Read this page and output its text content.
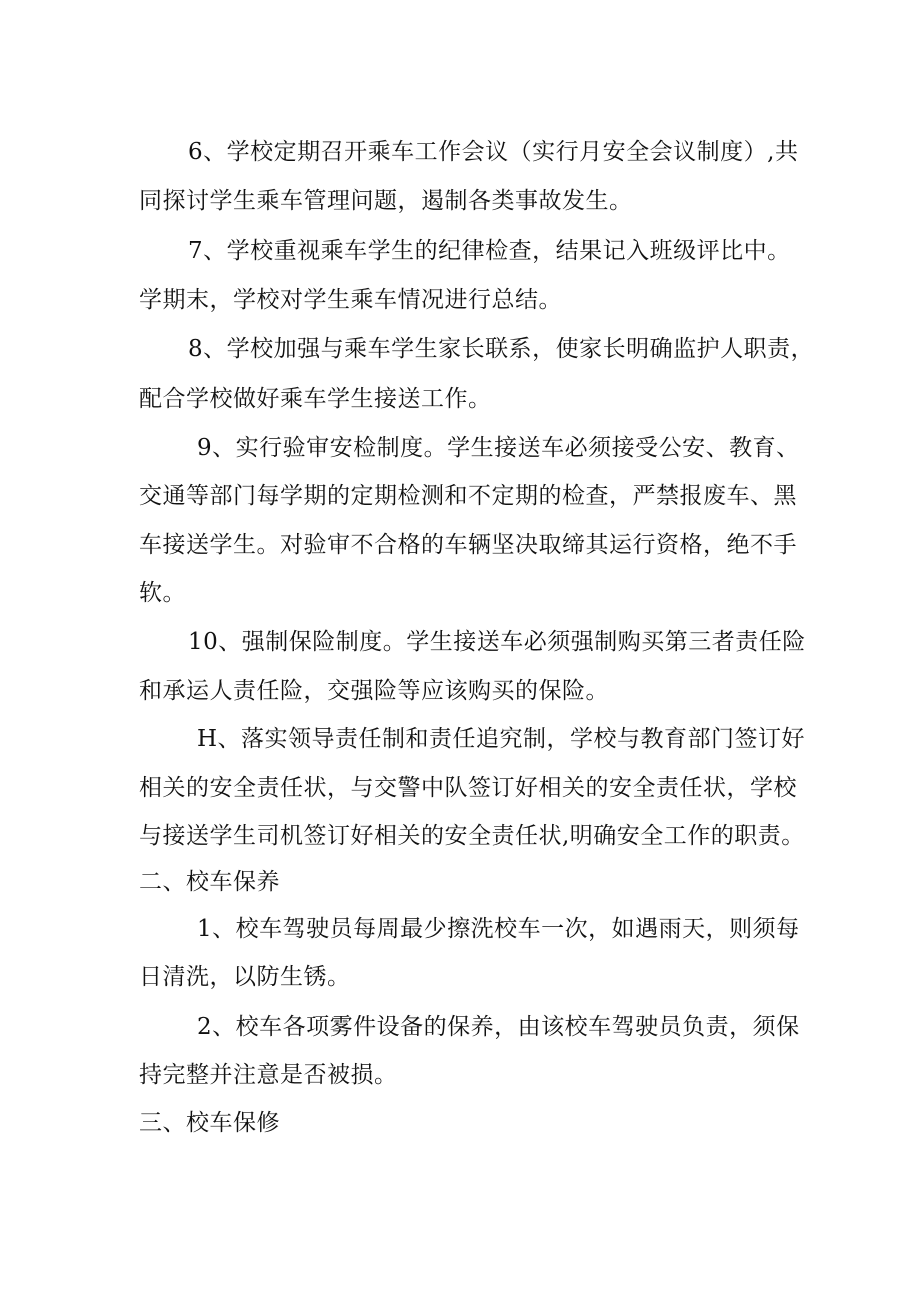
6、学校定期召开乘车工作会议（实行月安全会议制度）,共
同探讨学生乘车管理问题，遏制各类事故发生。
7、学校重视乘车学生的纪律检查，结果记入班级评比中。
学期末，学校对学生乘车情况进行总结。
8、学校加强与乘车学生家长联系，使家长明确监护人职责，
配合学校做好乘车学生接送工作。
9、实行验审安检制度。学生接送车必须接受公安、教育、
交通等部门每学期的定期检测和不定期的检查，严禁报废车、黑
车接送学生。对验审不合格的车辆坚决取缔其运行资格，绝不手
软。
10、强制保险制度。学生接送车必须强制购买第三者责任险
和承运人责任险，交强险等应该购买的保险。
H、落实领导责任制和责任追究制，学校与教育部门签订好
相关的安全责任状，与交警中队签订好相关的安全责任状，学校
与接送学生司机签订好相关的安全责任状,明确安全工作的职责。
二、校车保养
1、校车驾驶员每周最少擦洗校车一次，如遇雨天，则须每
日清洗，以防生锈。
2、校车各项雾件设备的保养，由该校车驾驶员负责，须保
持完整并注意是否被损。
三、校车保修
